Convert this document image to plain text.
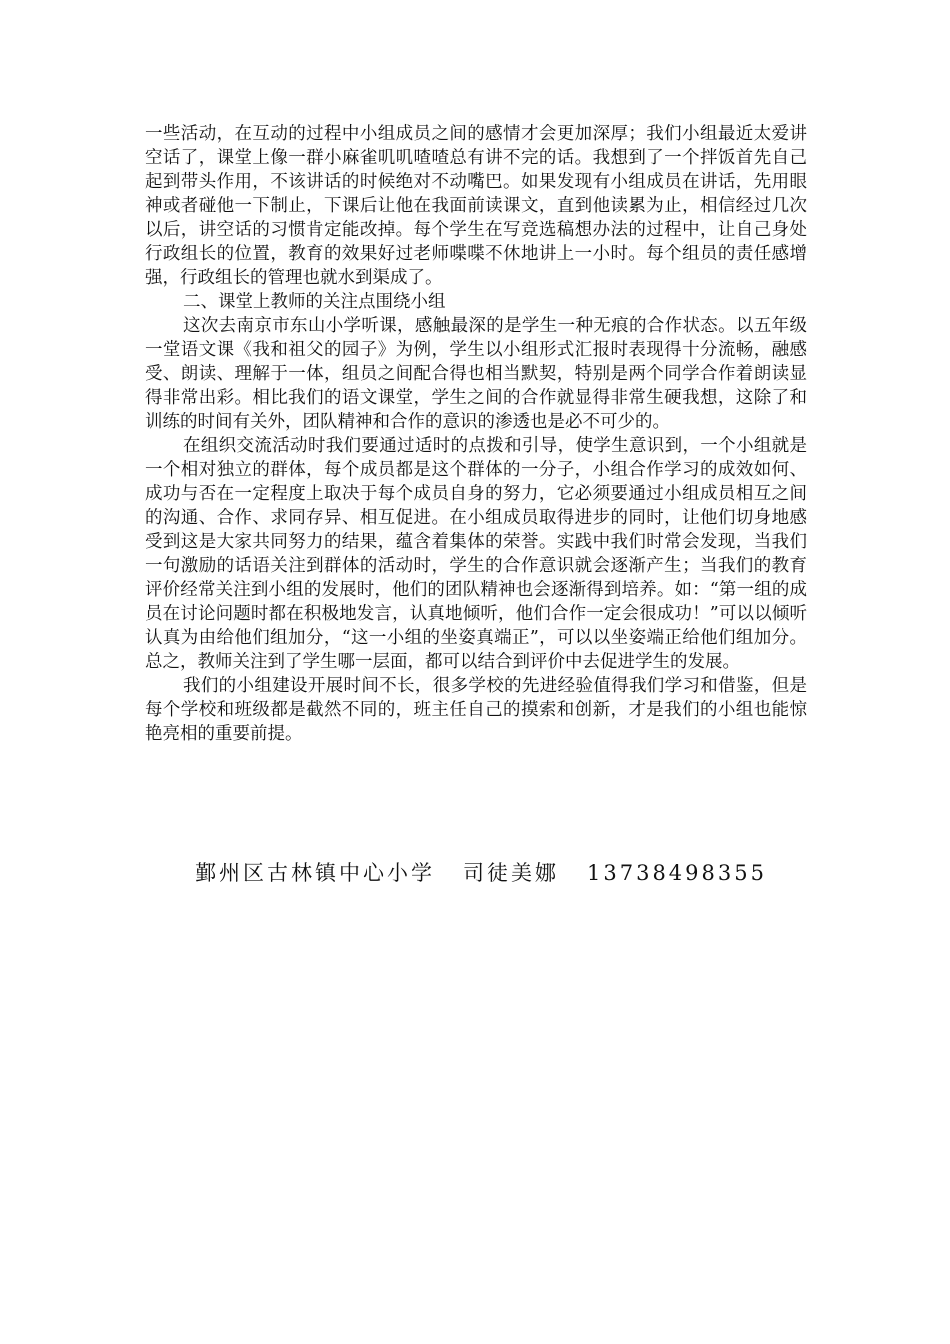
一些活动，在互动的过程中小组成员之间的感情才会更加深厚；我们小组最近太爱讲空话了，课堂上像一群小麻雀叽叽喳喳总有讲不完的话。我想到了一个拌饭首先自己起到带头作用，不该讲话的时候绝对不动嘴巴。如果发现有小组成员在讲话，先用眼神或者碰他一下制止，下课后让他在我面前读课文，直到他读累为止，相信经过几次以后，讲空话的习惯肯定能改掉。每个学生在写竞选稿想办法的过程中，让自己身处行政组长的位置，教育的效果好过老师喋喋不休地讲上一小时。每个组员的责任感增强，行政组长的管理也就水到渠成了。

二、课堂上教师的关注点围绕小组

这次去南京市东山小学听课，感触最深的是学生一种无痕的合作状态。以五年级一堂语文课《我和祖父的园子》为例，学生以小组形式汇报时表现得十分流畅，融感受、朗读、理解于一体，组员之间配合得也相当默契，特别是两个同学合作着朗读显得非常出彩。相比我们的语文课堂，学生之间的合作就显得非常生硬我想，这除了和训练的时间有关外，团队精神和合作的意识的渗透也是必不可少的。

在组织交流活动时我们要通过适时的点拨和引导，使学生意识到，一个小组就是一个相对独立的群体，每个成员都是这个群体的一分子，小组合作学习的成效如何、成功与否在一定程度上取决于每个成员自身的努力，它必须要通过小组成员相互之间的沟通、合作、求同存异、相互促进。在小组成员取得进步的同时，让他们切身地感受到这是大家共同努力的结果，蕴含着集体的荣誉。实践中我们时常会发现，当我们一句激励的话语关注到群体的活动时，学生的合作意识就会逐渐产生；当我们的教育评价经常关注到小组的发展时，他们的团队精神也会逐渐得到培养。如：“第一组的成员在讨论问题时都在积极地发言，认真地倾听，他们合作一定会很成功！”可以以倾听认真为由给他们组加分，“这一小组的坐姿真端正”，可以以坐姿端正给他们组加分。总之，教师关注到了学生哪一层面，都可以结合到评价中去促进学生的发展。

我们的小组建设开展时间不长，很多学校的先进经验值得我们学习和借鉴，但是每个学校和班级都是截然不同的，班主任自己的摸索和创新，才是我们的小组也能惊艳亮相的重要前提。

鄞州区古林镇中心小学 司徒美娜 13738498355
